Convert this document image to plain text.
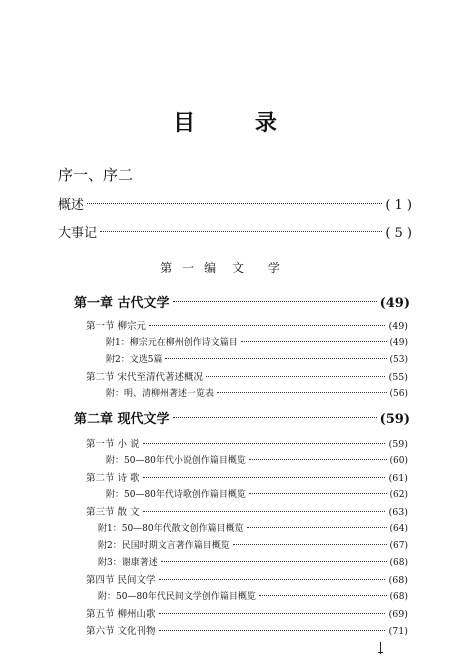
目 录
序一、序二
概述	( 1 )
大事记	( 5 )
第一编 文 学
第一章 古代文学	(49)
第一节 柳宗元	(49)
附1：柳宗元在柳州创作诗文篇目	(49)
附2：文选5篇	(53)
第二节 宋代至清代著述概况	(55)
附：明、清柳州著述一览表	(56)
第二章 现代文学	(59)
第一节 小 说	(59)
附：50—80年代小说创作篇目概览	(60)
第二节 诗 歌	(61)
附：50—80年代诗歌创作篇目概览	(62)
第三节 散 文	(63)
附1：50—80年代散文创作篇目概览	(64)
附2：民国时期文言著作篇目概览	(67)
附3：谢康著述	(68)
第四节 民间文学	(68)
附：50—80年代民间文学创作篇目概览	(68)
第五节 柳州山歌	(69)
第六节 文化刊物	(71)
